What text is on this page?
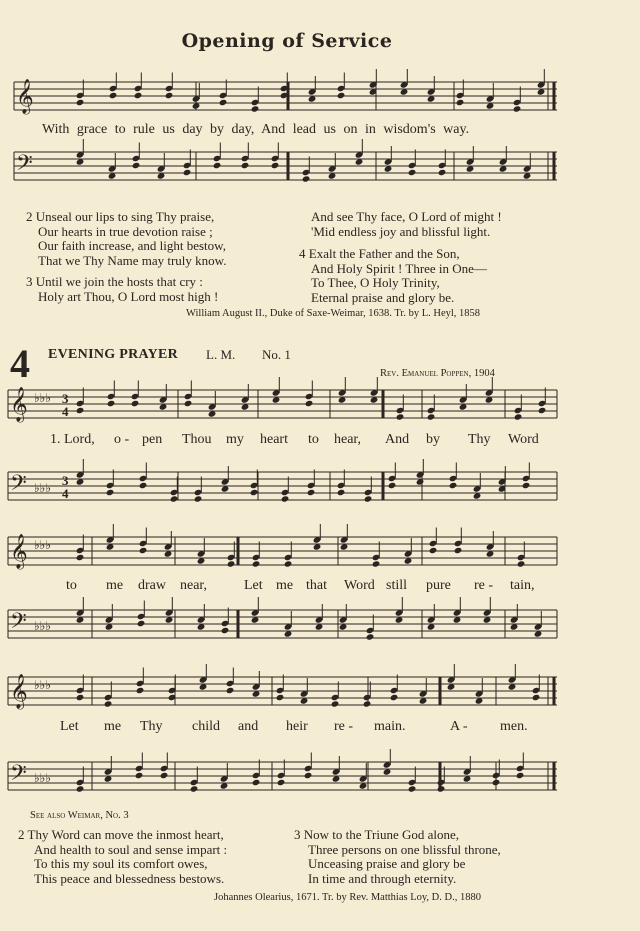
Opening of Service
𝄞
With grace to rule us day by day, And lead us on in wisdom's way.
𝄢
2 Unseal our lips to sing Thy praise,
Our hearts in true devotion raise ;
Our faith increase, and light bestow,
That we Thy Name may truly know.
3 Until we join the hosts that cry :
Holy art Thou, O Lord most high !
And see Thy face, O Lord of might !
'Mid endless joy and blissful light.
4 Exalt the Father and the Son,
And Holy Spirit ! Three in One—
To Thee, O Holy Trinity,
Eternal praise and glory be.
William August II., Duke of Saxe-Weimar, 1638. Tr. by L. Heyl, 1858
4 EVENING PRAYER L. M. No. 1
Rev. Emanuel Poppen, 1904
𝄞 ♭♭♭ 3
4
1. Lord, o - pen Thou my heart to hear, And by Thy Word
𝄢 ♭♭♭ 3
4
𝄞 ♭♭♭
to me draw near,	Let me that Word still pure re - tain,
𝄢 ♭♭♭
𝄞 ♭♭♭
Let me Thy child and heir re - main.	A - men.
𝄢 ♭♭♭
See also Weimar, No. 3
2 Thy Word can move the inmost heart,
And health to soul and sense impart :
To this my soul its comfort owes,
This peace and blessedness bestows.
3 Now to the Triune God alone,
Three persons on one blissful throne,
Unceasing praise and glory be
In time and through eternity.
Johannes Olearius, 1671. Tr. by Rev. Matthias Loy, D. D., 1880
